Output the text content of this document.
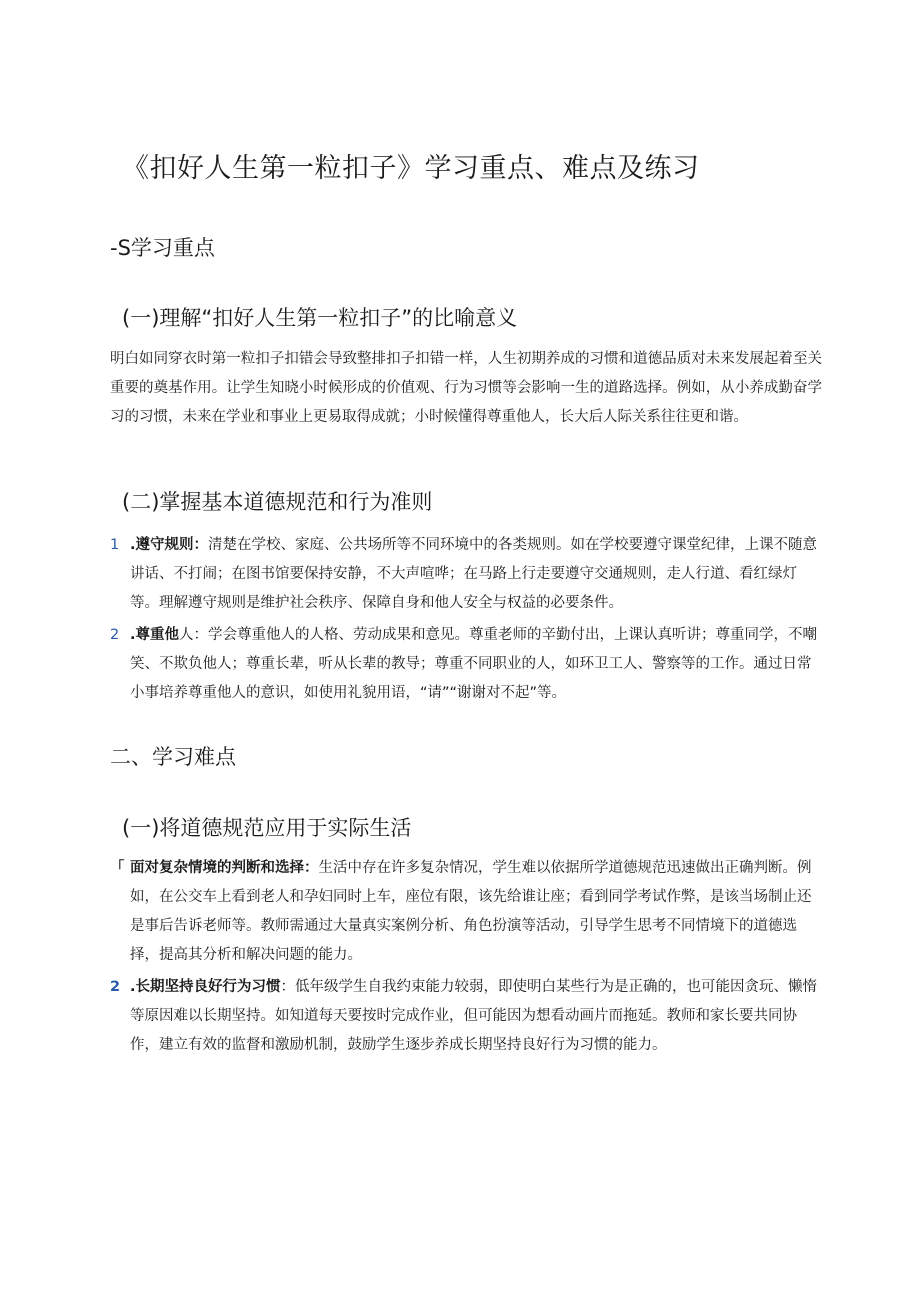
《扣好人生第一粒扣子》学习重点、难点及练习
-S学习重点
(一)理解“扣好人生第一粒扣子”的比喻意义

明白如同穿衣时第一粒扣子扣错会导致整排扣子扣错一样，人生初期养成的习惯和道德品质对未来发展起着至关重要的奠基作用。让学生知晓小时候形成的价值观、行为习惯等会影响一生的道路选择。例如，从小养成勤奋学习的习惯，未来在学业和事业上更易取得成就；小时候懂得尊重他人，长大后人际关系往往更和谐。

(二)掌握基本道德规范和行为准则
1 .遵守规则：清楚在学校、家庭、公共场所等不同环境中的各类规则。如在学校要遵守课堂纪律，上课不随意讲话、不打闹；在图书馆要保持安静，不大声喧哗；在马路上行走要遵守交通规则，走人行道、看红绿灯等。理解遵守规则是维护社会秩序、保障自身和他人安全与权益的必要条件。
2 .尊重他人：学会尊重他人的人格、劳动成果和意见。尊重老师的辛勤付出，上课认真听讲；尊重同学，不嘲笑、不欺负他人；尊重长辈，听从长辈的教导；尊重不同职业的人，如环卫工人、警察等的工作。通过日常小事培养尊重他人的意识，如使用礼貌用语，“请”“谢谢对不起”等。
二、学习难点
(一)将道德规范应用于实际生活
「 面对复杂情境的判断和选择：生活中存在许多复杂情况，学生难以依据所学道德规范迅速做出正确判断。例如，在公交车上看到老人和孕妇同时上车，座位有限，该先给谁让座；看到同学考试作弊，是该当场制止还是事后告诉老师等。教师需通过大量真实案例分析、角色扮演等活动，引导学生思考不同情境下的道德选择，提高其分析和解决问题的能力。
2 .长期坚持良好行为习惯：低年级学生自我约束能力较弱，即使明白某些行为是正确的，也可能因贪玩、懒惰等原因难以长期坚持。如知道每天要按时完成作业，但可能因为想看动画片而拖延。教师和家长要共同协作，建立有效的监督和激励机制，鼓励学生逐步养成长期坚持良好行为习惯的能力。
